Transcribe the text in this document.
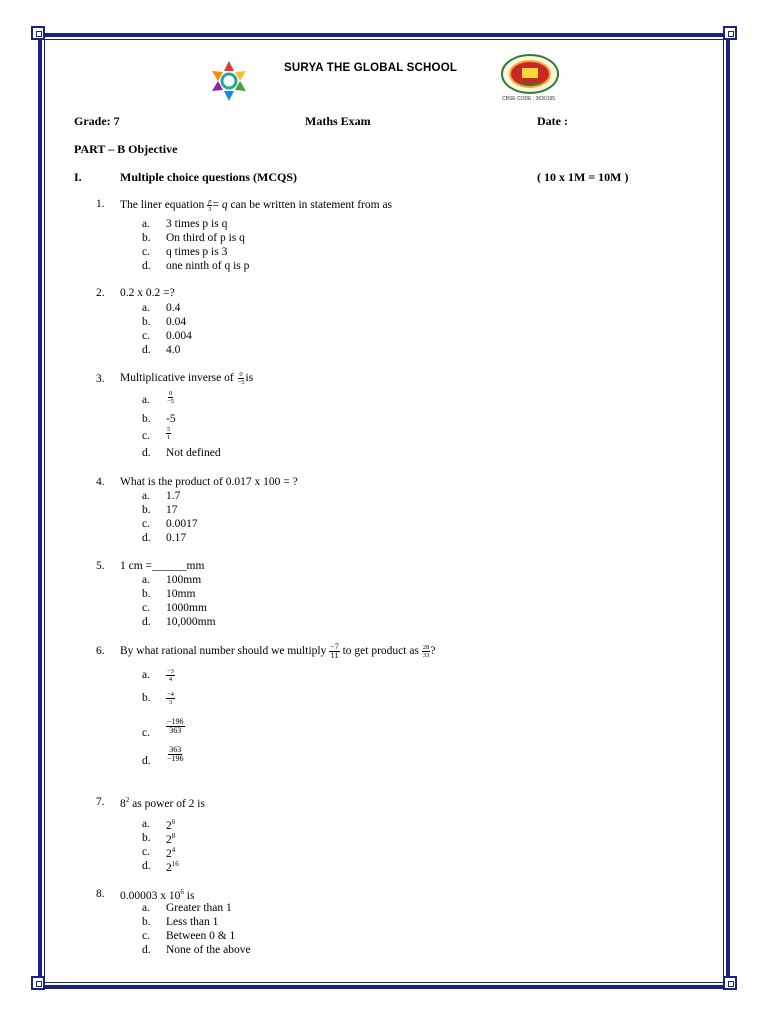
SURYA THE GLOBAL SCHOOL
CBSE CODE : 3630195
Grade: 7	Maths Exam	Date :
PART – B Objective
I.	Multiple choice questions (MCQS)	( 10 x 1M = 10M )
1. The liner equation $\frac{p}{3} = q$ can be written in statement from as
a. 3 times p is q
b. On third of p is q
c. q times p is 3
d. one ninth of q is p
2. 0.2 x 0.2 =?
a. 0.4
b. 0.04
c. 0.004
d. 4.0
3. Multiplicative inverse of $\frac{0}{-5}$ is
a. $\frac{0}{-5}$
b. -5
c. $\frac{5}{1}$
d. Not defined
4. What is the product of 0.017 x 100 = ?
a. 1.7
b. 17
c. 0.0017
d. 0.17
5. 1 cm =______mm
a. 100mm
b. 10mm
c. 1000mm
d. 10,000mm
6. By what rational number should we multiply $\frac{-7}{11}$ to get product as $\frac{28}{33}$ ?
a. $\frac{-3}{4}$
b. $\frac{-4}{3}$
c. $\frac{-196}{363}$
d. $\frac{363}{-196}$
7. $8^2$ as power of 2 is
a. $2^6$
b. $2^8$
c. $2^4$
d. $2^{16}$
8. 0.00003 x $10^6$ is
a. Greater than 1
b. Less than 1
c. Between 0 & 1
d. None of the above
